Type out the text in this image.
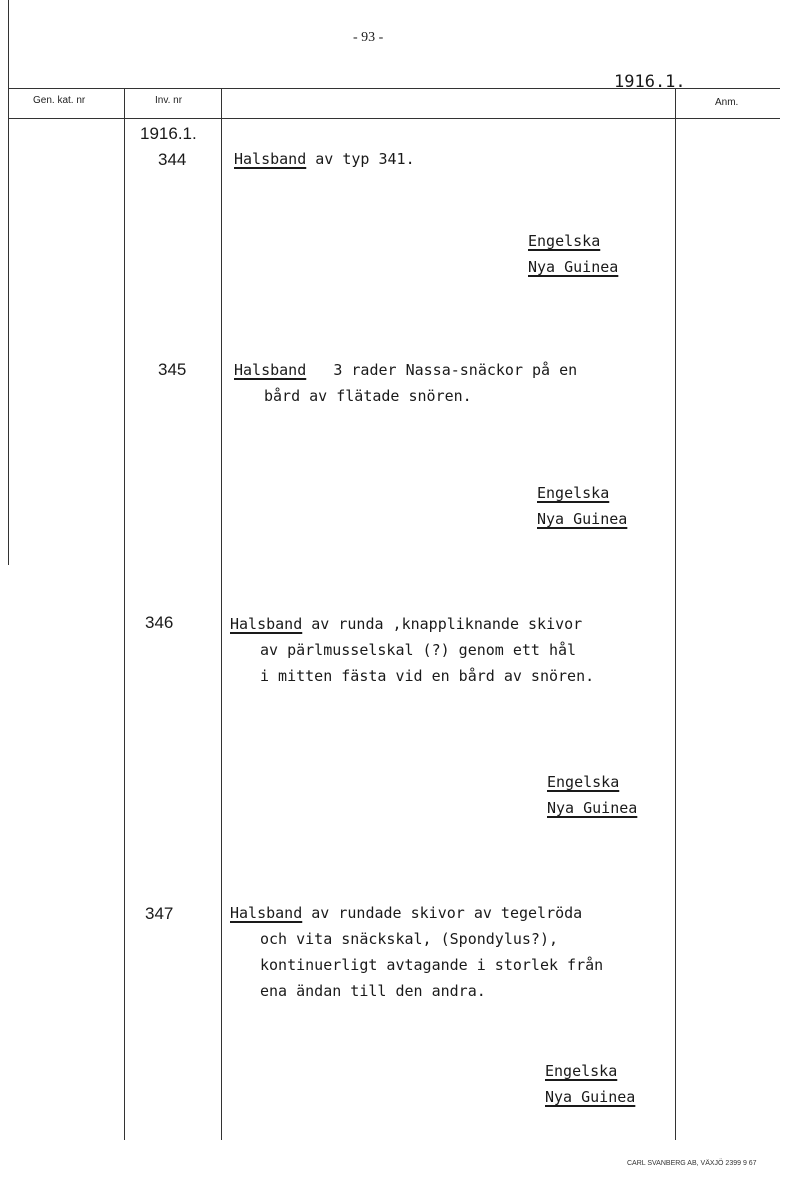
- 93 -
1916.1.
Gen. kat. nr	Inv. nr	Anm.
1916.1.
344	Halsband av typ 341.
Engelska
Nya Guinea
345	Halsband 3 rader Nassa-snäckor på en
bård av flätade snören.
Engelska
Nya Guinea
346	Halsband av runda ,knappliknande skivor
av pärlmusselskal (?) genom ett hål
i mitten fästa vid en bård av snören.
Engelska
Nya Guinea
347	Halsband av rundade skivor av tegelröda
och vita snäckskal, (Spondylus?),
kontinuerligt avtagande i storlek från
ena ändan till den andra.
Engelska
Nya Guinea
CARL SVANBERG AB, VÄXJÖ 2399 9 67
